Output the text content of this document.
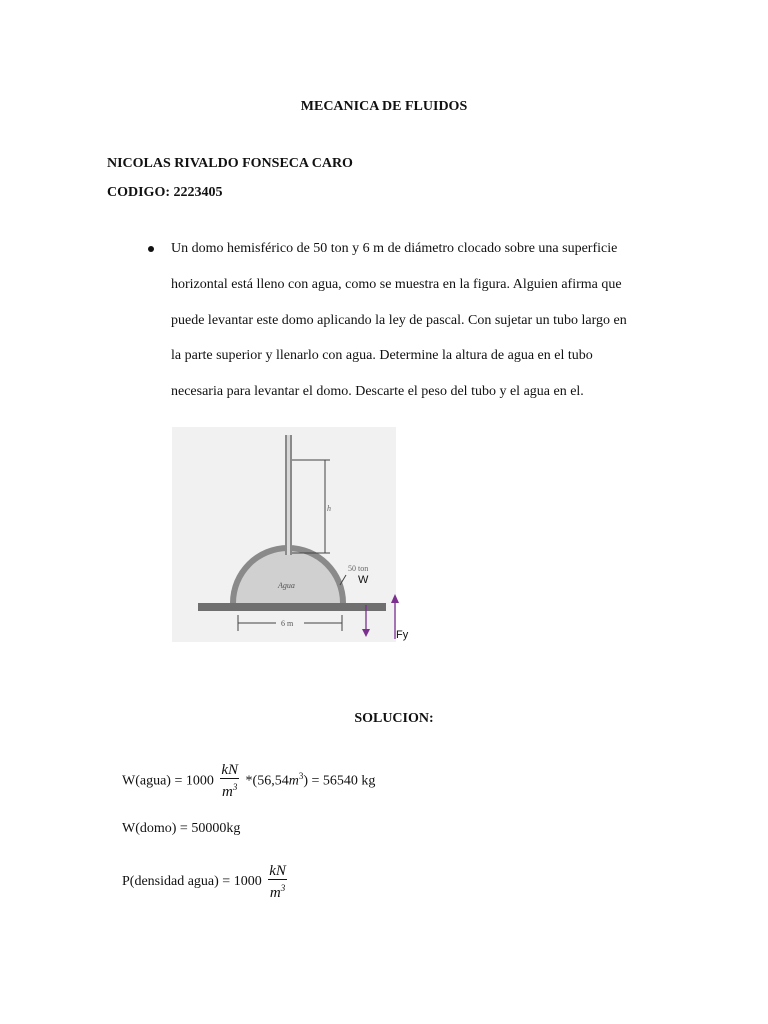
MECANICA DE FLUIDOS
NICOLAS RIVALDO FONSECA CARO
CODIGO: 2223405
Un domo hemisférico de 50 ton y 6 m de diámetro clocado sobre una superficie
horizontal está lleno con agua, como se muestra en la figura. Alguien afirma que
puede levantar este domo aplicando la ley de pascal. Con sujetar un tubo largo en
la parte superior y llenarlo con agua. Determine la altura de agua en el tubo
necesaria para levantar el domo. Descarte el peso del tubo y el agua en el.
h
Agua
50 ton
6 m
W
Fy
SOLUCION:
W(agua) = $1000 \frac{kN}{m^3} *(56,54m^3) = 56540$ kg
W(domo) = 50000kg
P(densidad agua) = $1000 \frac{kN}{m^3}$
